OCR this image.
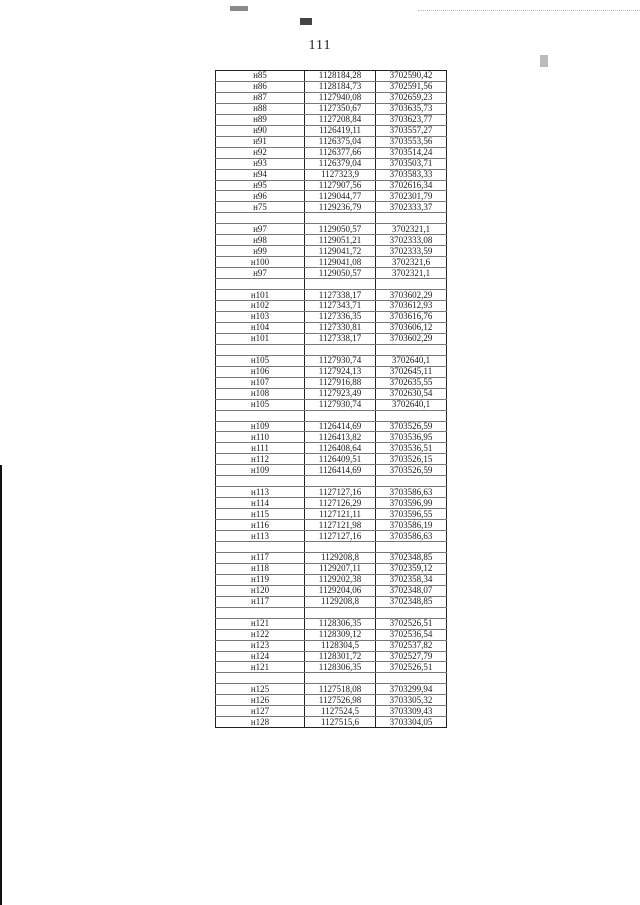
111
н85	1128184,28	3702590,42
н86	1128184,73	3702591,56
н87	1127940,08	3702659,23
н88	1127350,67	3703635,73
н89	1127208,84	3703623,77
н90	1126419,11	3703557,27
н91	1126375,04	3703553,56
н92	1126377,66	3703514,24
н93	1126379,04	3703503,71
н94	1127323,9	3703583,33
н95	1127907,56	3702616,34
н96	1129044,77	3702301,79
н75	1129236,79	3702333,37

н97	1129050,57	3702321,1
н98	1129051,21	3702333,08
н99	1129041,72	3702333,59
н100	1129041,08	3702321,6
н97	1129050,57	3702321,1

н101	1127338,17	3703602,29
н102	1127343,71	3703612,93
н103	1127336,35	3703616,76
н104	1127330,81	3703606,12
н101	1127338,17	3703602,29

н105	1127930,74	3702640,1
н106	1127924,13	3702645,11
н107	1127916,88	3702635,55
н108	1127923,49	3702630,54
н105	1127930,74	3702640,1

н109	1126414,69	3703526,59
н110	1126413,82	3703536,95
н111	1126408,64	3703536,51
н112	1126409,51	3703526,15
н109	1126414,69	3703526,59

н113	1127127,16	3703586,63
н114	1127126,29	3703596,99
н115	1127121,11	3703596,55
н116	1127121,98	3703586,19
н113	1127127,16	3703586,63

н117	1129208,8	3702348,85
н118	1129207,11	3702359,12
н119	1129202,38	3702358,34
н120	1129204,06	3702348,07
н117	1129208,8	3702348,85

н121	1128306,35	3702526,51
н122	1128309,12	3702536,54
н123	1128304,5	3702537,82
н124	1128301,72	3702527,79
н121	1128306,35	3702526,51

н125	1127518,08	3703299,94
н126	1127526,98	3703305,32
н127	1127524,5	3703309,43
н128	1127515,6	3703304,05
